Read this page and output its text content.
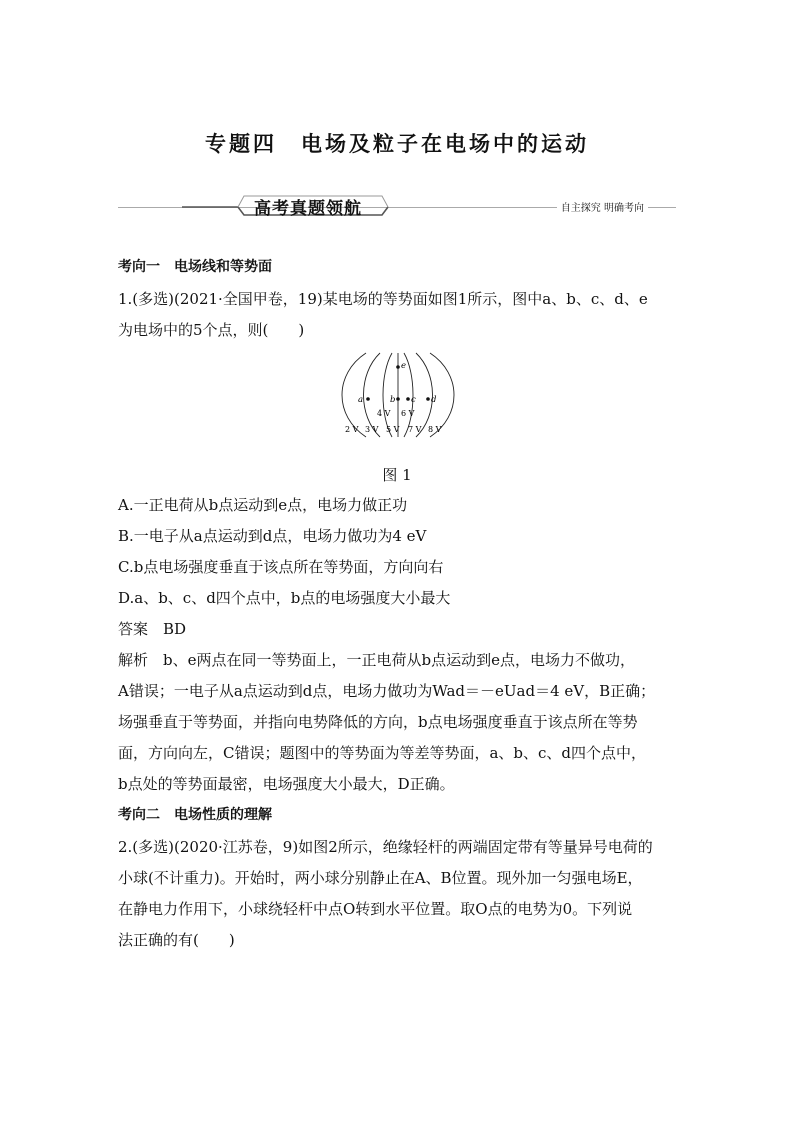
专题四　电场及粒子在电场中的运动
高考真题领航	自主探究 明确考向
考向一　电场线和等势面
1.(多选)(2021·全国甲卷，19)某电场的等势面如图1所示，图中a、b、c、d、e
为电场中的5个点，则(　　)
e
a	b c d
4 V 6 V
2 V 3 V 5 V 7 V 8 V
图 1
A.一正电荷从b点运动到e点，电场力做正功
B.一电子从a点运动到d点，电场力做功为4 eV
C.b点电场强度垂直于该点所在等势面，方向向右
D.a、b、c、d四个点中，b点的电场强度大小最大
答案　BD
解析　b、e两点在同一等势面上，一正电荷从b点运动到e点，电场力不做功，
A错误；一电子从a点运动到d点，电场力做功为Wad＝－eUad＝4 eV，B正确；
场强垂直于等势面，并指向电势降低的方向，b点电场强度垂直于该点所在等势
面，方向向左，C错误；题图中的等势面为等差等势面，a、b、c、d四个点中，
b点处的等势面最密，电场强度大小最大，D正确。
考向二　电场性质的理解
2.(多选)(2020·江苏卷，9)如图2所示，绝缘轻杆的两端固定带有等量异号电荷的
小球(不计重力)。开始时，两小球分别静止在A、B位置。现外加一匀强电场E，
在静电力作用下，小球绕轻杆中点O转到水平位置。取O点的电势为0。下列说
法正确的有(　　)
